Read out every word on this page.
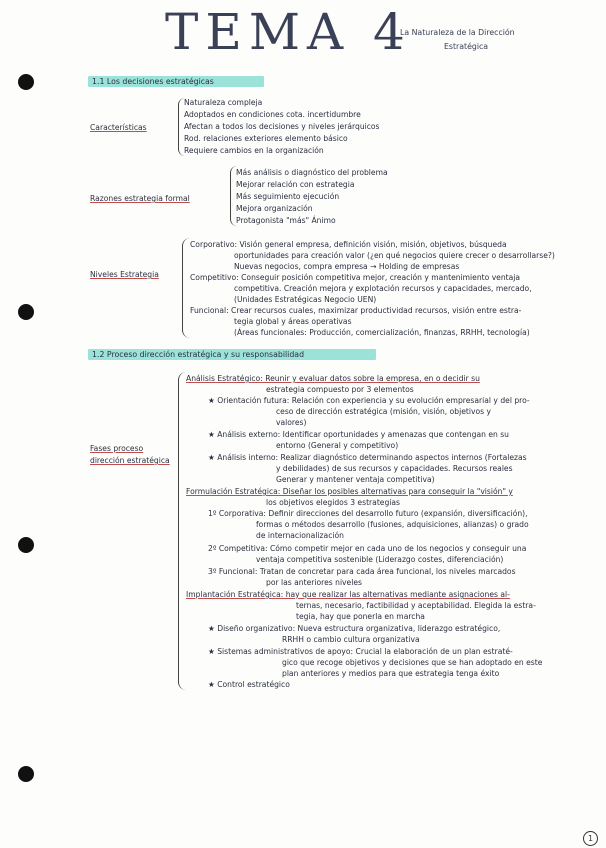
TEMA 4
La Naturaleza de la Dirección
Estratégica
1.1 Los decisiones estratégicas
Características
Naturaleza compleja
Adoptados en condiciones cota. incertidumbre
Afectan a todos los decisiones y niveles jerárquicos
Rod. relaciones exteriores elemento básico
Requiere cambios en la organización
Razones estrategia formal
Más análisis o diagnóstico del problema
Mejorar relación con estrategia
Más seguimiento ejecución
Mejora organización
Protagonista "más" Ánimo
Niveles Estrategia
Corporativo: Visión general empresa, definición visión, misión, objetivos, búsqueda
oportunidades para creación valor (¿en qué negocios quiere crecer o desarrollarse?)
Nuevas negocios, compra empresa → Holding de empresas
Competitivo: Conseguir posición competitiva mejor, creación y mantenimiento ventaja
competitiva. Creación mejora y explotación recursos y capacidades, mercado,
(Unidades Estratégicas Negocio UEN)
Funcional: Crear recursos cuales, maximizar productividad recursos, visión entre estra-
tegia global y áreas operativas
(Áreas funcionales: Producción, comercialización, finanzas, RRHH, tecnología)
1.2 Proceso dirección estratégica y su responsabilidad
Fases proceso
dirección estratégica
Análisis Estratégico: Reunir y evaluar datos sobre la empresa, en o decidir su
estrategia compuesto por 3 elementos
★ Orientación futura: Relación con experiencia y su evolución empresarial y del pro-
ceso de dirección estratégica (misión, visión, objetivos y
valores)
★ Análisis externo: Identificar oportunidades y amenazas que contengan en su
entorno (General y competitivo)
★ Análisis interno: Realizar diagnóstico determinando aspectos internos (Fortalezas
y debilidades) de sus recursos y capacidades. Recursos reales
Generar y mantener ventaja competitiva)
Formulación Estratégica: Diseñar los posibles alternativas para conseguir la "visión" y
los objetivos elegidos 3 estrategias
1º Corporativa: Definir direcciones del desarrollo futuro (expansión, diversificación),
formas o métodos desarrollo (fusiones, adquisiciones, alianzas) o grado
de internacionalización
2º Competitiva: Cómo competir mejor en cada uno de los negocios y conseguir una
ventaja competitiva sostenible (Liderazgo costes, diferenciación)
3º Funcional: Tratan de concretar para cada área funcional, los niveles marcados
por las anteriores niveles
Implantación Estratégica: hay que realizar las alternativas mediante asignaciones al-
ternas, necesario, factibilidad y aceptabilidad. Elegida la estra-
tegia, hay que ponerla en marcha
★ Diseño organizativo: Nueva estructura organizativa, liderazgo estratégico,
RRHH o cambio cultura organizativa
★ Sistemas administrativos de apoyo: Crucial la elaboración de un plan estraté-
gico que recoge objetivos y decisiones que se han adoptado en este
plan anteriores y medios para que estrategia tenga éxito
★ Control estratégico
1
